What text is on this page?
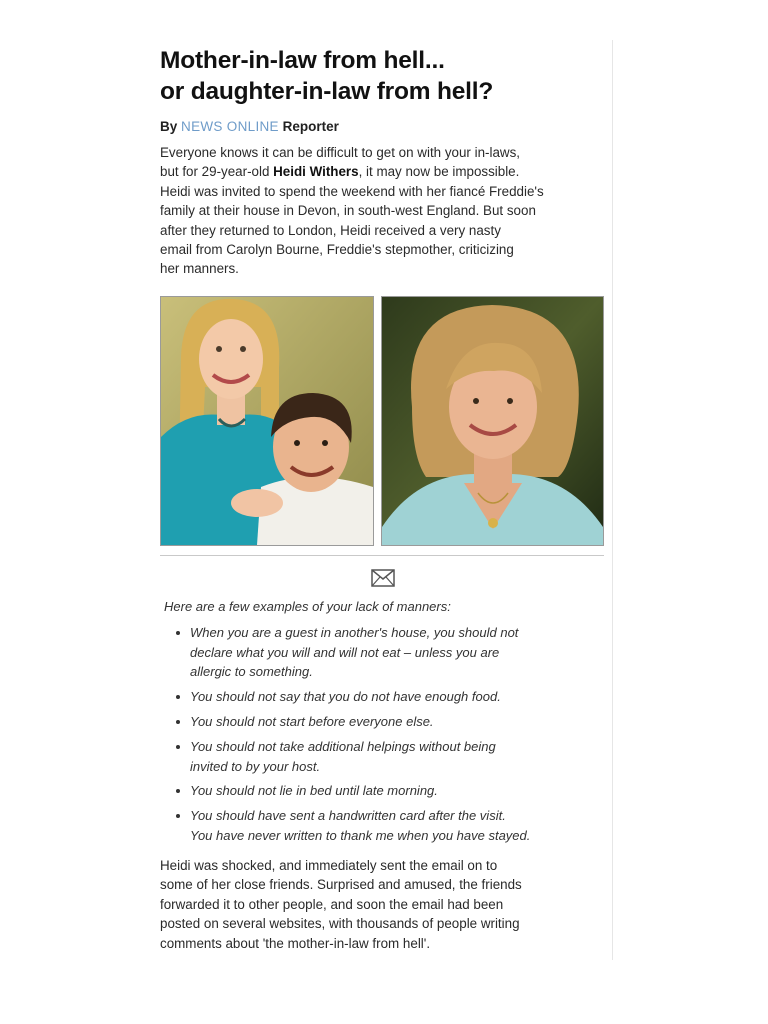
Mother-in-law from hell...
or daughter-in-law from hell?
By NEWS ONLINE Reporter

Everyone knows it can be difficult to get on with your in-laws,
but for 29-year-old Heidi Withers, it may now be impossible.
Heidi was invited to spend the weekend with her fiancé Freddie's
family at their house in Devon, in south-west England. But soon
after they returned to London, Heidi received a very nasty
email from Carolyn Bourne, Freddie's stepmother, criticizing
her manners.

Here are a few examples of your lack of manners:

When you are a guest in another's house, you should not
declare what you will and will not eat – unless you are
allergic to something.
You should not say that you do not have enough food.
You should not start before everyone else.
You should not take additional helpings without being
invited to by your host.
You should not lie in bed until late morning.
You should have sent a handwritten card after the visit.
You have never written to thank me when you have stayed.

Heidi was shocked, and immediately sent the email on to
some of her close friends. Surprised and amused, the friends
forwarded it to other people, and soon the email had been
posted on several websites, with thousands of people writing
comments about 'the mother-in-law from hell'.
